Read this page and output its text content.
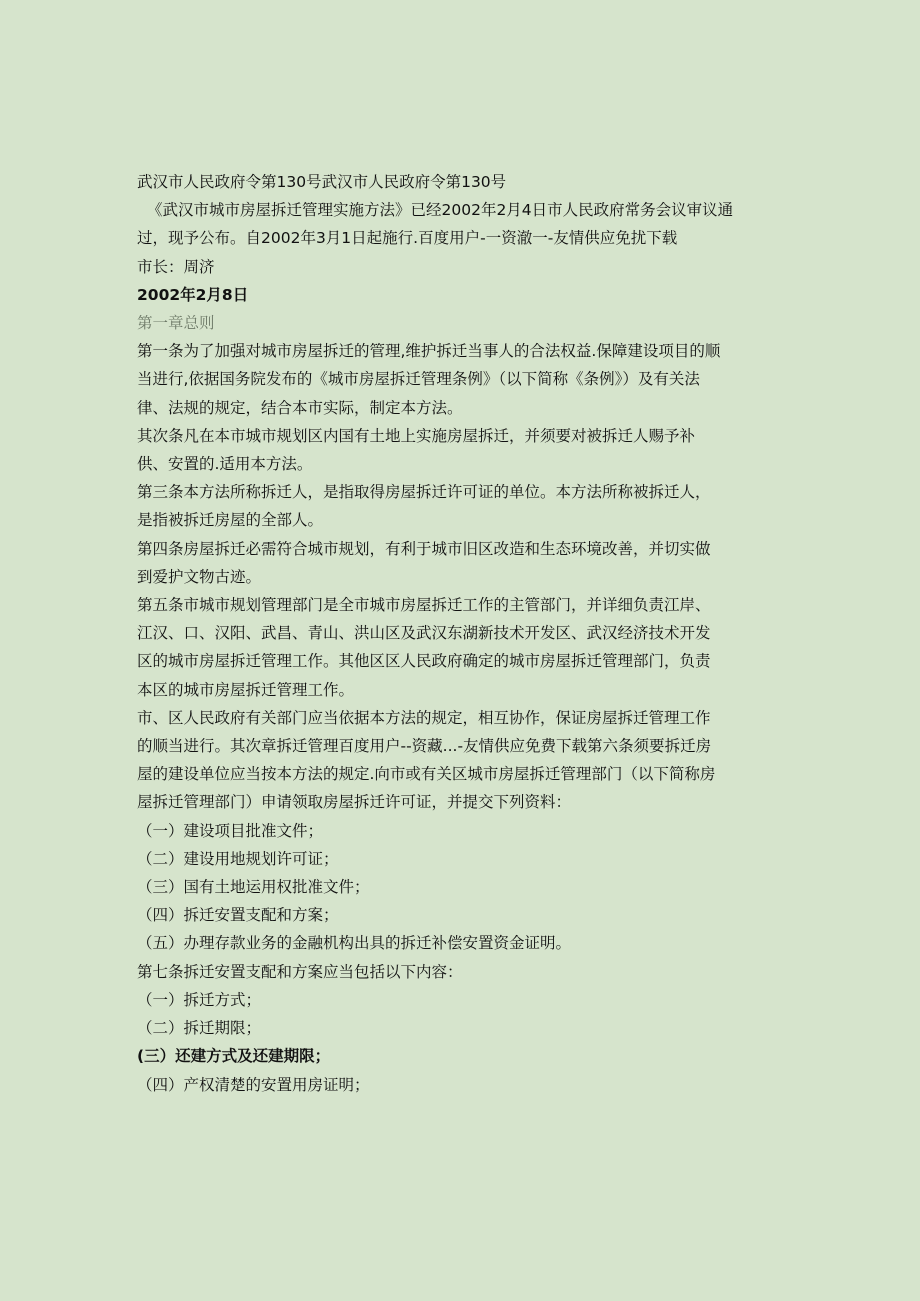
武汉市人民政府令第130号武汉市人民政府令第130号
《武汉市城市房屋拆迁管理实施方法》已经2002年2月4日市人民政府常务会议审议通
过，现予公布。自2002年3月1日起施行.百度用户-一资澈一-友情供应免扰下载
市长：周济
2002年2月8日
第一章总则
第一条为了加强对城市房屋拆迁的管理,维护拆迁当事人的合法权益.保障建设项目的顺
当进行,依据国务院发布的《城市房屋拆迁管理条例》（以下简称《条例》）及有关法
律、法规的规定，结合本市实际，制定本方法。
其次条凡在本市城市规划区内国有土地上实施房屋拆迁，并须要对被拆迁人赐予补
供、安置的.适用本方法。
第三条本方法所称拆迁人，是指取得房屋拆迁许可证的单位。本方法所称被拆迁人，
是指被拆迁房屋的全部人。
第四条房屋拆迁必需符合城市规划，有利于城市旧区改造和生态环境改善，并切实做
到爱护文物古迹。
第五条市城市规划管理部门是全市城市房屋拆迁工作的主管部门，并详细负责江岸、
江汉、口、汉阳、武昌、青山、洪山区及武汉东湖新技术开发区、武汉经济技术开发
区的城市房屋拆迁管理工作。其他区区人民政府确定的城市房屋拆迁管理部门，负责
本区的城市房屋拆迁管理工作。
市、区人民政府有关部门应当依据本方法的规定，相互协作，保证房屋拆迁管理工作
的顺当进行。其次章拆迁管理百度用户--资藏...-友情供应免费下载第六条须要拆迁房
屋的建设单位应当按本方法的规定.向市或有关区城市房屋拆迁管理部门（以下简称房
屋拆迁管理部门）申请领取房屋拆迁许可证，并提交下列资料：
（一）建设项目批准文件；
（二）建设用地规划许可证；
（三）国有土地运用权批准文件；
（四）拆迁安置支配和方案；
（五）办理存款业务的金融机构出具的拆迁补偿安置资金证明。
第七条拆迁安置支配和方案应当包括以下内容：
（一）拆迁方式；
（二）拆迁期限；
(三）还建方式及还建期限；
（四）产权清楚的安置用房证明；
